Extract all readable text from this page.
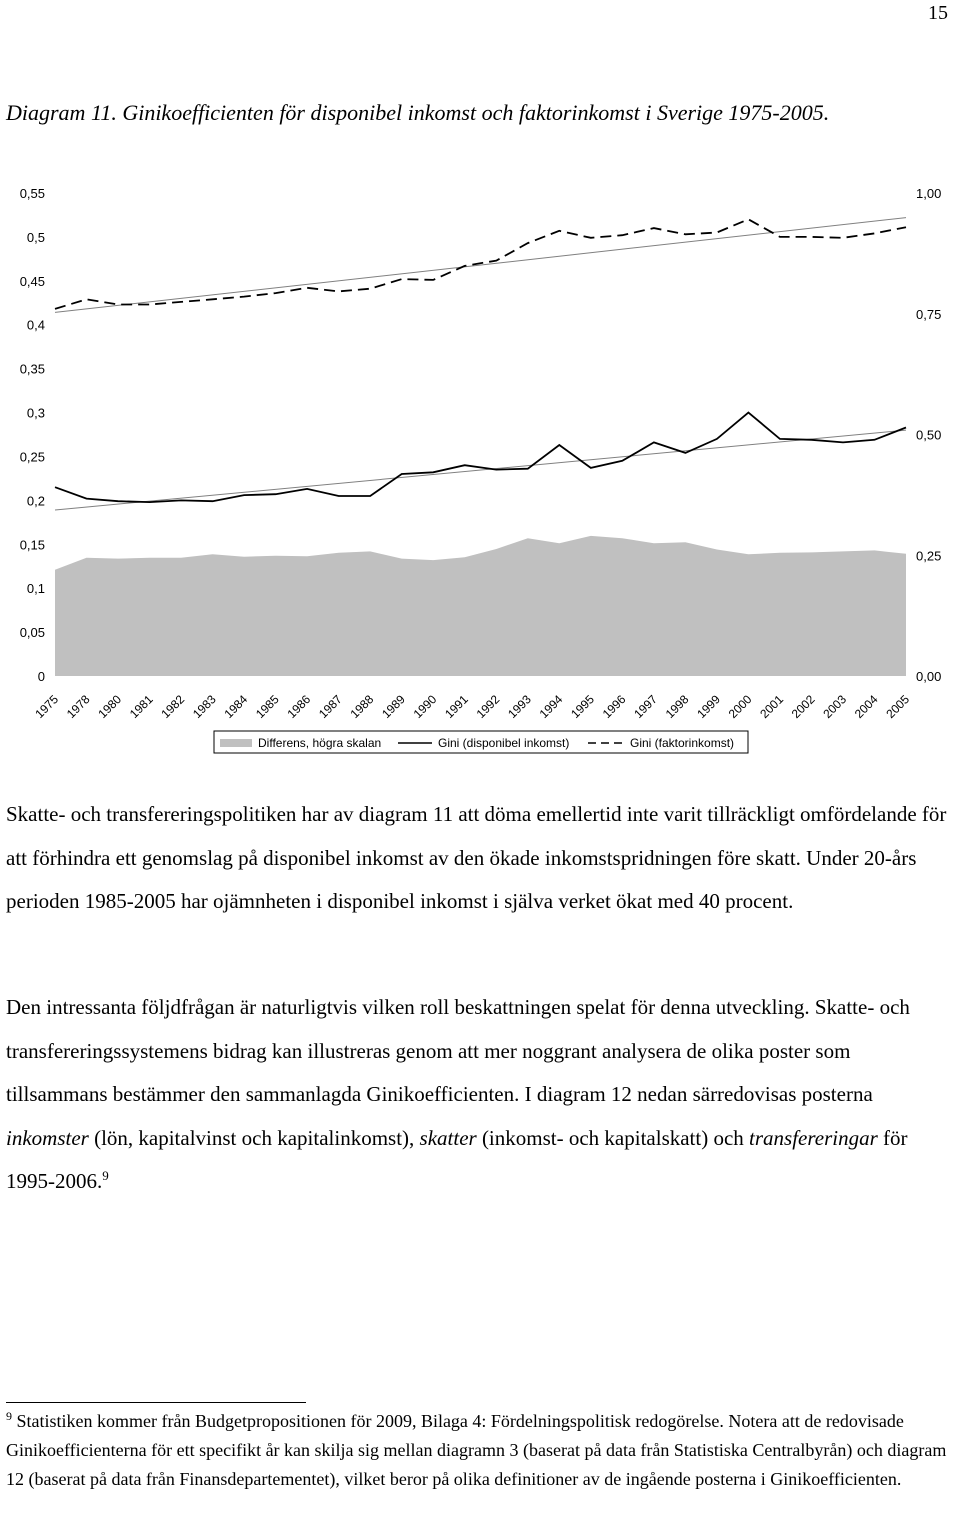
15
Diagram 11. Ginikoefficienten för disponibel inkomst och faktorinkomst i Sverige 1975-2005.
0
0,05
0,1
0,15
0,2
0,25
0,3
0,35
0,4
0,45
0,5
0,55
0,00
0,25
0,50
0,75
1,00
1975 1978 1980 1981 1982 1983 1984 1985 1986 1987 1988 1989 1990 1991 1992 1993 1994 1995 1996 1997 1998 1999 2000 2001 2002 2003 2004 2005
Differens, högra skalan	Gini (disponibel inkomst)	Gini (faktorinkomst)

Skatte- och transfereringspolitiken har av diagram 11 att döma emellertid inte varit tillräckligt omfördelande för att förhindra ett genomslag på disponibel inkomst av den ökade inkomstspridningen före skatt. Under 20-års perioden 1985-2005 har ojämnheten i disponibel inkomst i själva verket ökat med 40 procent.

Den intressanta följdfrågan är naturligtvis vilken roll beskattningen spelat för denna utveckling. Skatte- och transfereringssystemens bidrag kan illustreras genom att mer noggrant analysera de olika poster som tillsammans bestämmer den sammanlagda Ginikoefficienten. I diagram 12 nedan särredovisas posterna inkomster (lön, kapitalvinst och kapitalinkomst), skatter (inkomst- och kapitalskatt) och transfereringar för 1995-2006.$^9$

$^9$ Statistiken kommer från Budgetpropositionen för 2009, Bilaga 4: Fördelningspolitisk redogörelse. Notera att de redovisade Ginikoefficienterna för ett specifikt år kan skilja sig mellan diagramn 3 (baserat på data från Statistiska Centralbyrån) och diagram 12 (baserat på data från Finansdepartementet), vilket beror på olika definitioner av de ingående posterna i Ginikoefficienten.
